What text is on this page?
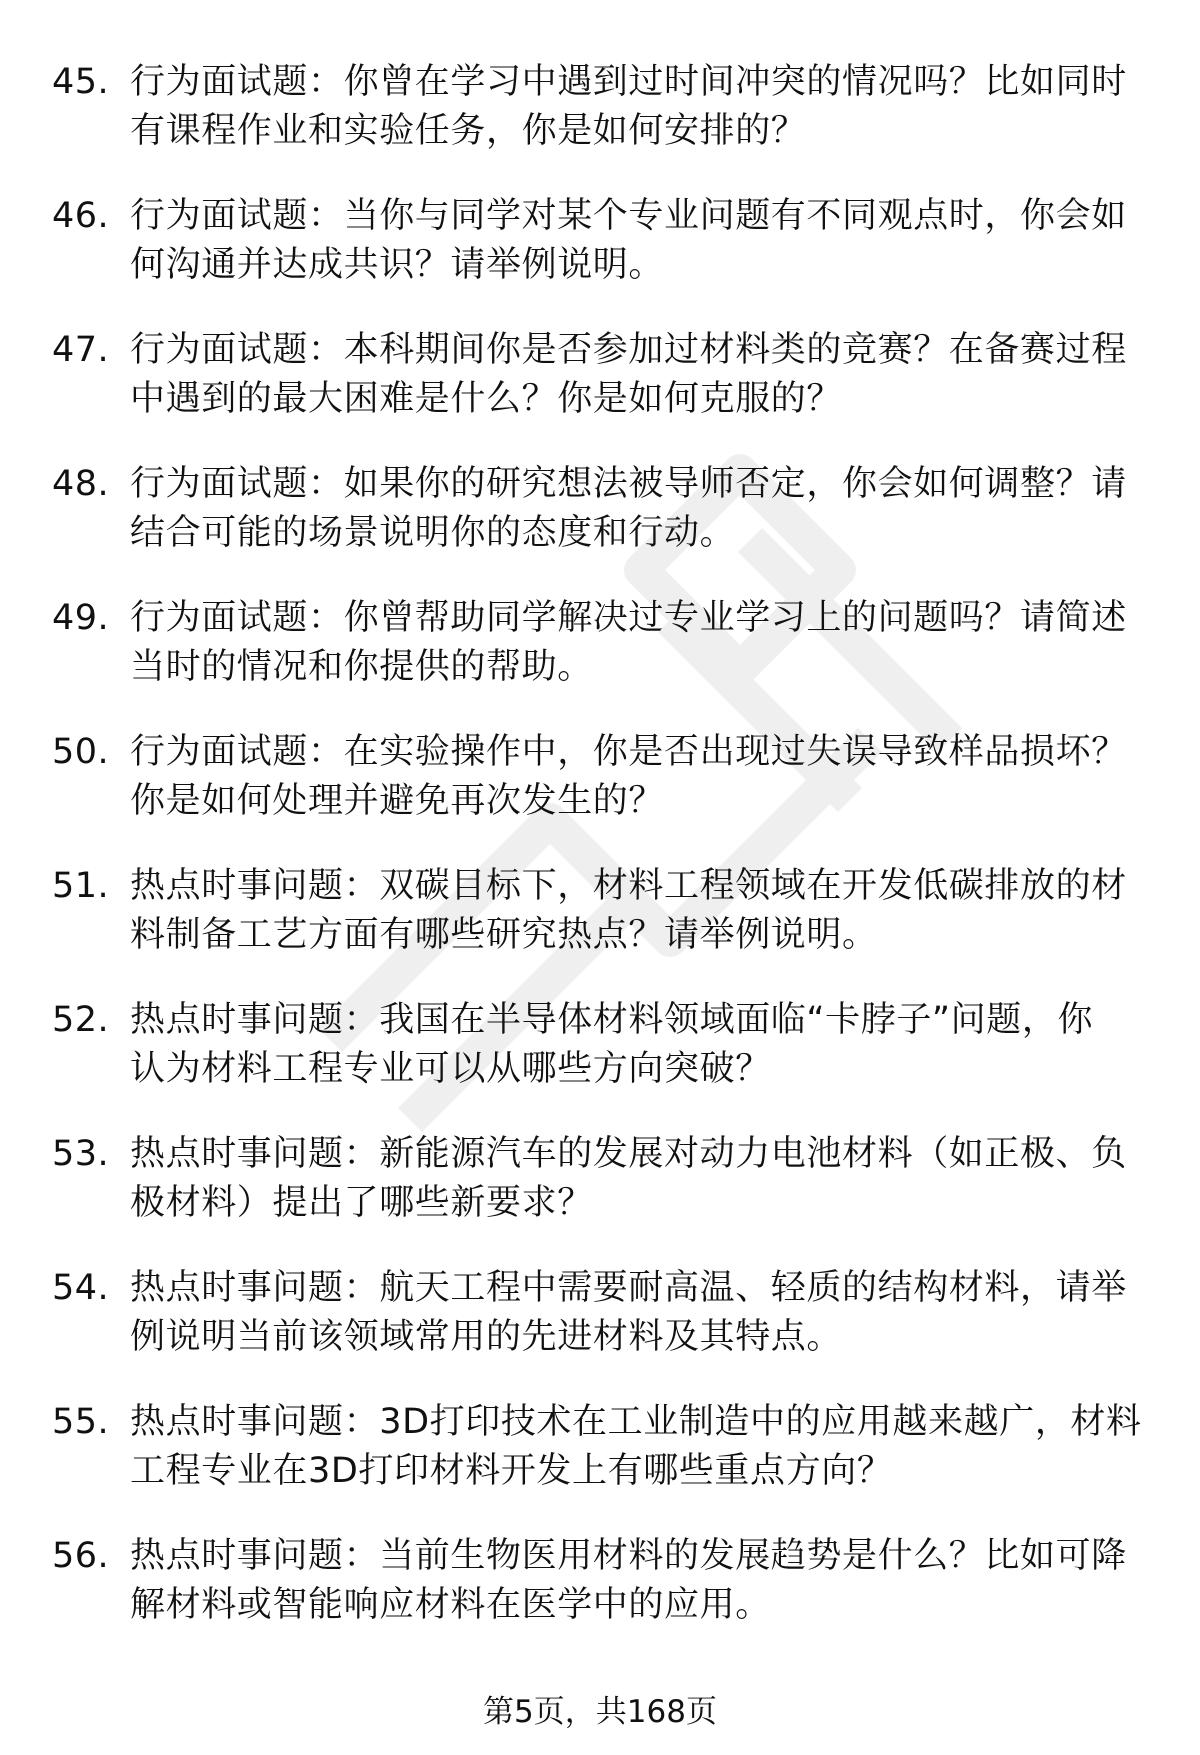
45. 行为面试题：你曾在学习中遇到过时间冲突的情况吗？比如同时
有课程作业和实验任务，你是如何安排的？
46. 行为面试题：当你与同学对某个专业问题有不同观点时，你会如
何沟通并达成共识？请举例说明。
47. 行为面试题：本科期间你是否参加过材料类的竞赛？在备赛过程
中遇到的最大困难是什么？你是如何克服的？
48. 行为面试题：如果你的研究想法被导师否定，你会如何调整？请
结合可能的场景说明你的态度和行动。
49. 行为面试题：你曾帮助同学解决过专业学习上的问题吗？请简述
当时的情况和你提供的帮助。
50. 行为面试题：在实验操作中，你是否出现过失误导致样品损坏？
你是如何处理并避免再次发生的？
51. 热点时事问题：双碳目标下，材料工程领域在开发低碳排放的材
料制备工艺方面有哪些研究热点？请举例说明。
52. 热点时事问题：我国在半导体材料领域面临“卡脖子”问题，你
认为材料工程专业可以从哪些方向突破？
53. 热点时事问题：新能源汽车的发展对动力电池材料（如正极、负
极材料）提出了哪些新要求？
54. 热点时事问题：航天工程中需要耐高温、轻质的结构材料，请举
例说明当前该领域常用的先进材料及其特点。
55. 热点时事问题：3D打印技术在工业制造中的应用越来越广，材料
工程专业在3D打印材料开发上有哪些重点方向？
56. 热点时事问题：当前生物医用材料的发展趋势是什么？比如可降
解材料或智能响应材料在医学中的应用。
第5页，共168页
